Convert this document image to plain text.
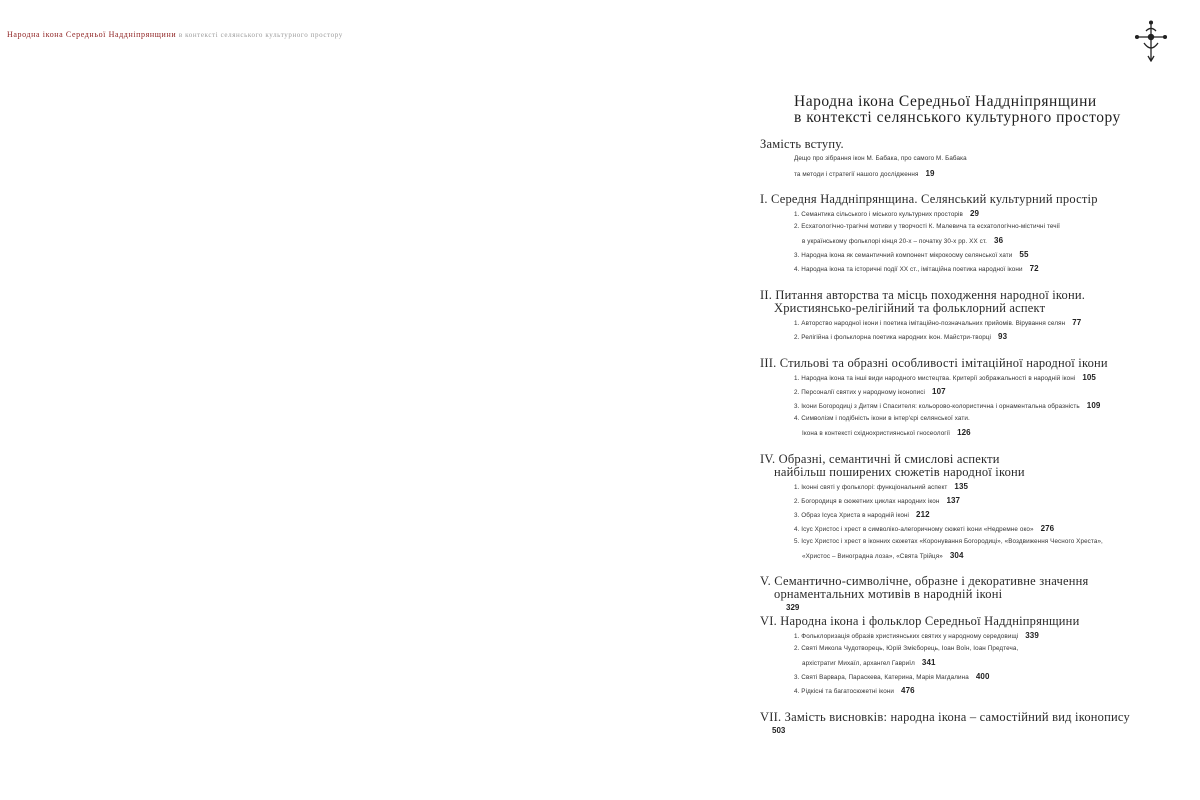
Народна ікона Середньої Наддніпрянщини в контексті селянського культурного простору
Народна ікона Середньої Наддніпрянщини
в контексті селянського культурного простору
Замість вступу.
Дещо про зібрання ікон М. Бабака, про самого М. Бабака
та методи і стратегії нашого дослідження 19
I. Середня Наддніпрянщина. Селянський культурний простір
1. Семантика сільського і міського культурних просторів 29
2. Есхатологічно-трагічні мотиви у творчості К. Малевича та есхатологічно-містичні течії
в українському фольклорі кінця 20-х – початку 30-х рр. XX ст. 36
3. Народна ікона як семантичний компонент мікрокосму селянської хати 55
4. Народна ікона та історичні події XX ст., імітаційна поетика народної ікони 72
II. Питання авторства та місць походження народної ікони.
Християнсько-релігійний та фольклорний аспект
1. Авторство народної ікони і поетика імітаційно-позначальних прийомів. Вірування селян 77
2. Релігійна і фольклорна поетика народних ікон. Майстри-творці 93
III. Стильові та образні особливості імітаційної народної ікони
1. Народна ікона та інші види народного мистецтва. Критерії зображальності в народній іконі 105
2. Персоналії святих у народному іконописі 107
3. Ікони Богородиці з Дитям і Спасителя: кольорово-колористична і орнаментальна образність 109
4. Символізм і подібність ікони в інтер'єрі селянської хати.
Ікона в контексті східнохристиянської гносеології 126
IV. Образні, семантичні й смислові аспекти
найбільш поширених сюжетів народної ікони
1. Іконні святі у фольклорі: функціональний аспект 135
2. Богородиця в сюжетних циклах народних ікон 137
3. Образ Ісуса Христа в народній іконі 212
4. Ісус Христос і хрест в символіко-алегоричному сюжеті ікони «Недремне око» 276
5. Ісус Христос і хрест в іконних сюжетах «Коронування Богородиці», «Воздвиження Чесного Хреста»,
«Христос – Виноградна лоза», «Свята Трійця» 304
V. Семантично-символічне, образне і декоративне значення
орнаментальних мотивів в народній іконі
329
VI. Народна ікона і фольклор Середньої Наддніпрянщини
1. Фольклоризація образів християнських святих у народному середовищі 339
2. Святі Микола Чудотворець, Юрій Змієборець, Іоан Воїн, Іоан Предтеча,
архістратиг Михаїл, архангел Гавриїл 341
3. Святі Варвара, Параскева, Катерина, Марія Магдалина 400
4. Рідкісні та багатосюжетні ікони 476
VII. Замість висновків: народна ікона – самостійний вид іконопису
503
